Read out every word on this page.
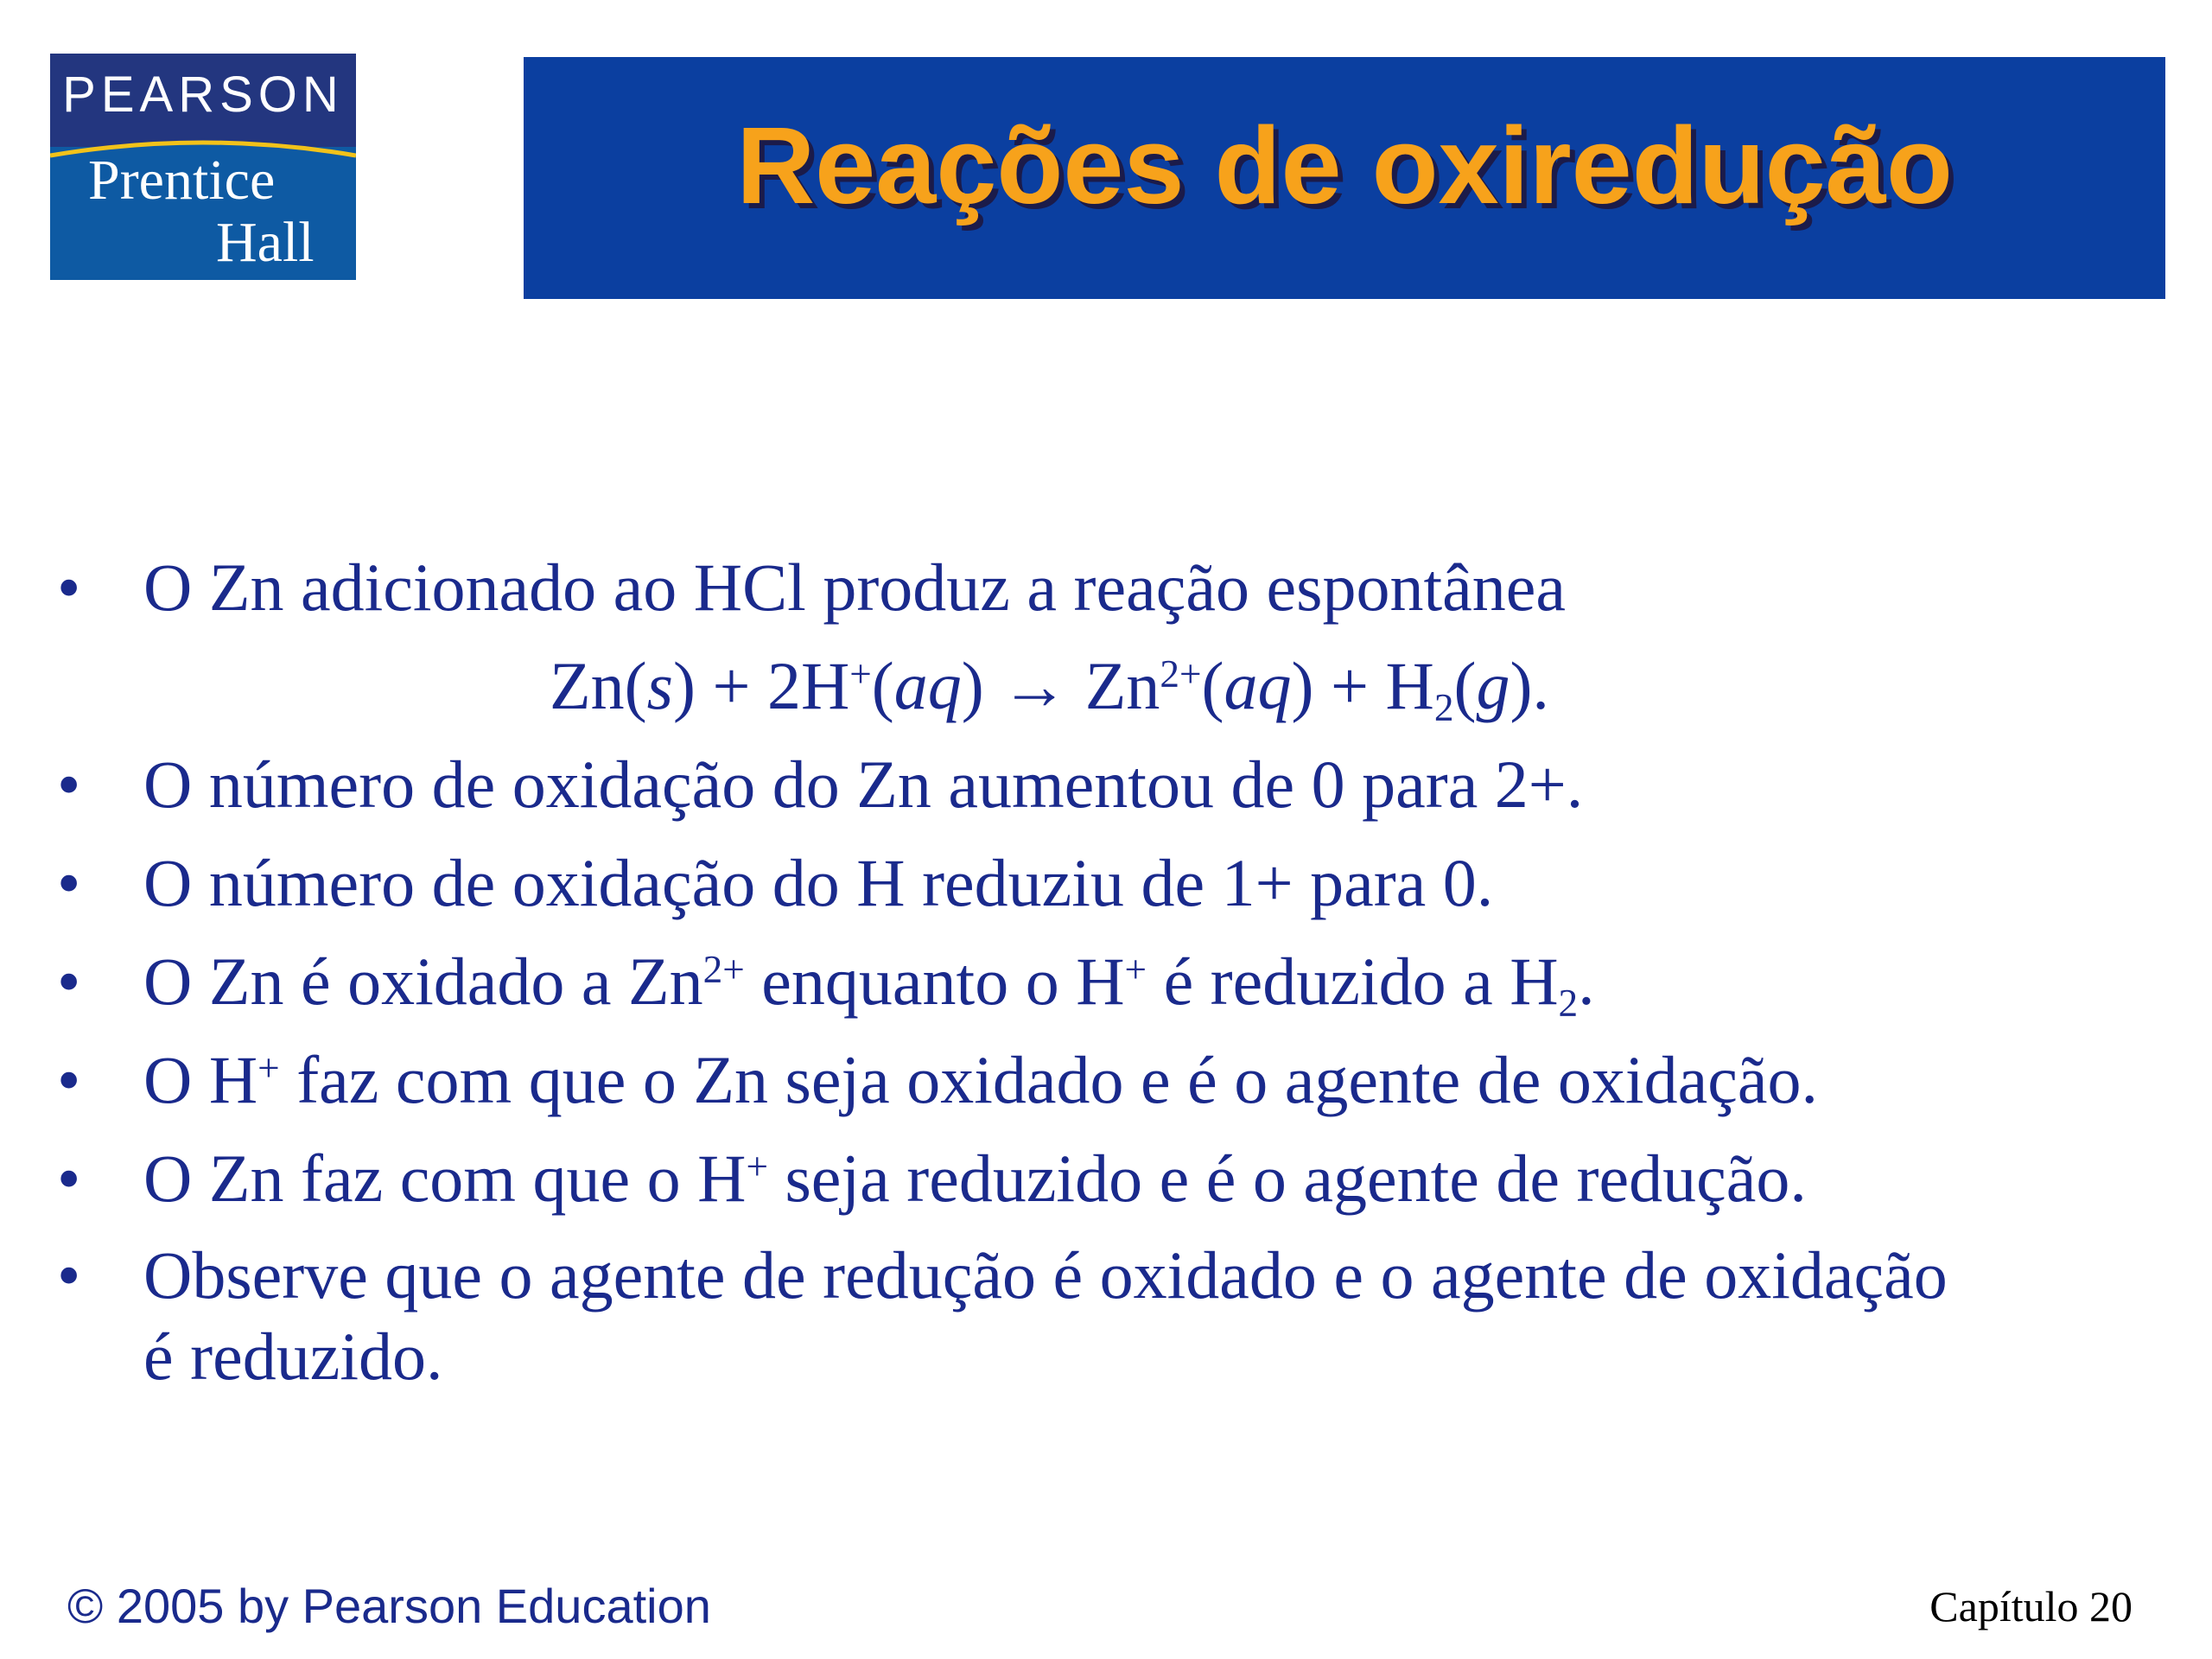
PEARSON
Prentice
Hall
Reações de oxiredução
• O Zn adicionado ao HCl produz a reação espontânea
$Zn(s) + 2H^+(aq) \to Zn^{2+}(aq) + H_2(g)$.
• O número de oxidação do Zn aumentou de 0 para 2+.
• O número de oxidação do H reduziu de 1+ para 0.
• O Zn é oxidado a $Zn^{2+}$ enquanto o H+ é reduzido a $H_2$.
• O H+ faz com que o Zn seja oxidado e é o agente de oxidação.
• O Zn faz com que o H+ seja reduzido e é o agente de redução.
• Observe que o agente de redução é oxidado e o agente de oxidação
é reduzido.
© 2005 by Pearson Education	Capítulo 20
